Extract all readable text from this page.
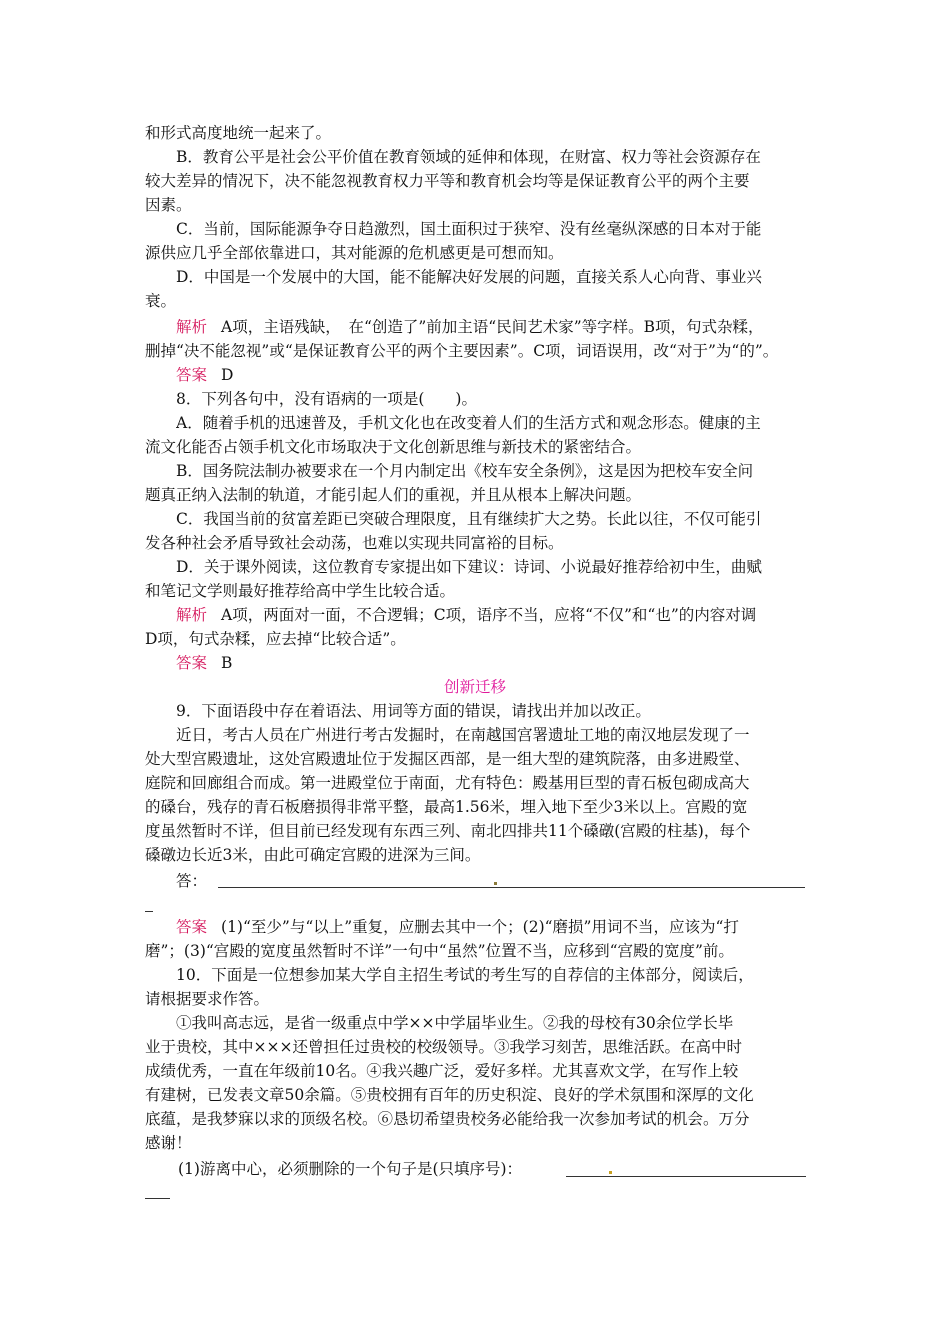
和形式高度地统一起来了。
B．教育公平是社会公平价值在教育领域的延伸和体现，在财富、权力等社会资源存在
较大差异的情况下，决不能忽视教育权力平等和教育机会均等是保证教育公平的两个主要
因素。
C．当前，国际能源争夺日趋激烈，国土面积过于狭窄、没有丝毫纵深感的日本对于能
源供应几乎全部依靠进口，其对能源的危机感更是可想而知。
D．中国是一个发展中的大国，能不能解决好发展的问题，直接关系人心向背、事业兴
衰。
解析 A项，主语残缺，　在“创造了”前加主语“民间艺术家”等字样。B项，句式杂糅，
删掉“决不能忽视”或“是保证教育公平的两个主要因素”。C项，词语误用，改“对于”为“的”。
答案 D
8．下列各句中，没有语病的一项是(　　)。
A．随着手机的迅速普及，手机文化也在改变着人们的生活方式和观念形态。健康的主
流文化能否占领手机文化市场取决于文化创新思维与新技术的紧密结合。
B．国务院法制办被要求在一个月内制定出《校车安全条例》，这是因为把校车安全问
题真正纳入法制的轨道，才能引起人们的重视，并且从根本上解决问题。
C．我国当前的贫富差距已突破合理限度，且有继续扩大之势。长此以往，不仅可能引
发各种社会矛盾导致社会动荡，也难以实现共同富裕的目标。
D．关于课外阅读，这位教育专家提出如下建议：诗词、小说最好推荐给初中生，曲赋
和笔记文学则最好推荐给高中学生比较合适。
解析 A项，两面对一面，不合逻辑；C项，语序不当，应将“不仅”和“也”的内容对调
D项，句式杂糅，应去掉“比较合适”。
答案 B
创新迁移
9．下面语段中存在着语法、用词等方面的错误，请找出并加以改正。
近日，考古人员在广州进行考古发掘时，在南越国宫署遗址工地的南汉地层发现了一
处大型宫殿遗址，这处宫殿遗址位于发掘区西部，是一组大型的建筑院落，由多进殿堂、
庭院和回廊组合而成。第一进殿堂位于南面，尤有特色：殿基用巨型的青石板包砌成高大
的磉台，残存的青石板磨损得非常平整，最高1.56米，埋入地下至少3米以上。宫殿的宽
度虽然暂时不详，但目前已经发现有东西三列、南北四排共11个磉礅(宫殿的柱基)，每个
磉礅边长近3米，由此可确定宫殿的进深为三间。
答：
答案 (1)“至少”与“以上”重复，应删去其中一个；(2)“磨损”用词不当，应该为“打
磨”；(3)“宫殿的宽度虽然暂时不详”一句中“虽然”位置不当，应移到“宫殿的宽度”前。
10．下面是一位想参加某大学自主招生考试的考生写的自荐信的主体部分，阅读后，
请根据要求作答。
①我叫高志远，是省一级重点中学××中学届毕业生。②我的母校有30余位学长毕
业于贵校，其中×××还曾担任过贵校的校级领导。③我学习刻苦，思维活跃。在高中时
成绩优秀，一直在年级前10名。④我兴趣广泛，爱好多样。尤其喜欢文学，在写作上较
有建树，已发表文章50余篇。⑤贵校拥有百年的历史积淀、良好的学术氛围和深厚的文化
底蕴，是我梦寐以求的顶级名校。⑥恳切希望贵校务必能给我一次参加考试的机会。万分
感谢！
(1)游离中心，必须删除的一个句子是(只填序号)：
